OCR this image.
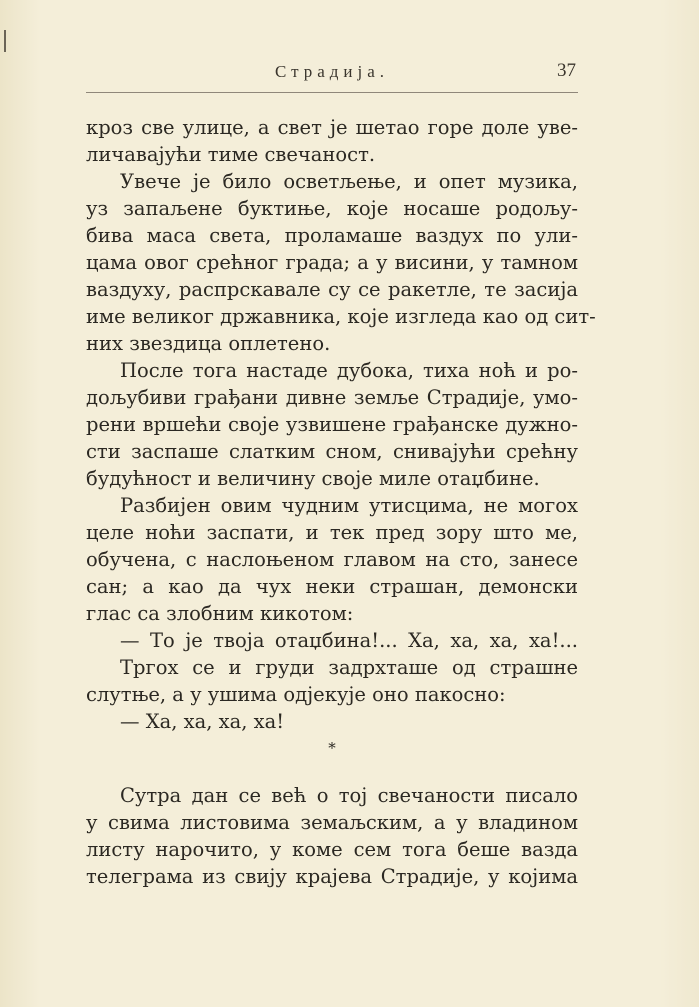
Страдија.	37
кроз све улице, а свет је шетао горе доле уве-
личавајући тиме свечаност.
Увече је било осветљење, и опет музика,
уз запаљене буктиње, које носаше родољу-
бива маса света, проламаше ваздух по ули-
цама овог срећног града; а у висини, у тамном
ваздуху, распрскавале су се ракетле, те засија
име великог државника, које изгледа као од сит-
них звездица оплетено.
После тога настаде дубока, тиха ноћ и ро-
дољубиви грађани дивне земље Страдије, умо-
рени вршећи своје узвишене грађанске дужно-
сти заспаше слатким сном, снивајући срећну
будућност и величину своје миле отаџбине.
Разбијен овим чудним утисцима, не могох
целе ноћи заспати, и тек пред зору што ме,
обучена, с наслоњеном главом на сто, занесе
сан; а као да чух неки страшан, демонски
глас са злобним кикотом:
— То је твоја отаџбина!... Ха, ха, ха, ха!...
Тргох се и груди задрхташе од страшне
слутње, а у ушима одјекује оно пакосно:
— Ха, ха, ха, ха!
*
Сутра дан се већ о тој свечаности писало
у свима листовима земаљским, а у владином
листу нарочито, у коме сем тога беше вазда
телеграма из свију крајева Страдије, у којима
